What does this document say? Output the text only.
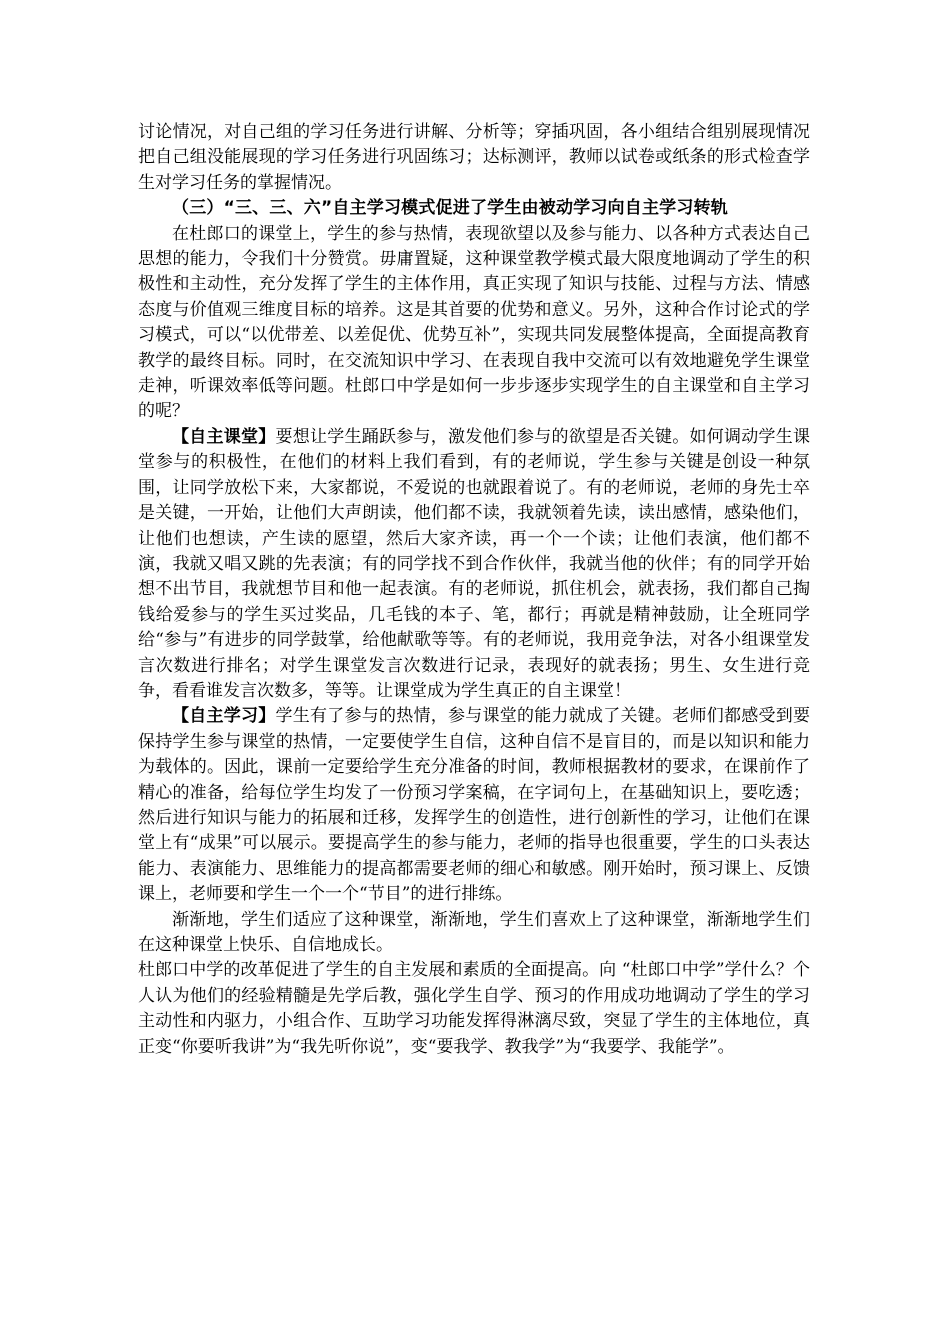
讨论情况，对自己组的学习任务进行讲解、分析等；穿插巩固，各小组结合组别展现情况把自己组没能展现的学习任务进行巩固练习；达标测评，教师以试卷或纸条的形式检查学生对学习任务的掌握情况。

（三）“三、三、六”自主学习模式促进了学生由被动学习向自主学习转轨

在杜郎口的课堂上，学生的参与热情，表现欲望以及参与能力、以各种方式表达自己思想的能力，令我们十分赞赏。毋庸置疑，这种课堂教学模式最大限度地调动了学生的积极性和主动性，充分发挥了学生的主体作用，真正实现了知识与技能、过程与方法、情感态度与价值观三维度目标的培养。这是其首要的优势和意义。另外，这种合作讨论式的学习模式，可以“以优带差、以差促优、优势互补”，实现共同发展整体提高，全面提高教育教学的最终目标。同时，在交流知识中学习、在表现自我中交流可以有效地避免学生课堂走神，听课效率低等问题。杜郎口中学是如何一步步逐步实现学生的自主课堂和自主学习的呢？

【自主课堂】要想让学生踊跃参与，激发他们参与的欲望是否关键。如何调动学生课堂参与的积极性，在他们的材料上我们看到，有的老师说，学生参与关键是创设一种氛围，让同学放松下来，大家都说，不爱说的也就跟着说了。有的老师说，老师的身先士卒是关键，一开始，让他们大声朗读，他们都不读，我就领着先读，读出感情，感染他们，让他们也想读，产生读的愿望，然后大家齐读，再一个一个读；让他们表演，他们都不演，我就又唱又跳的先表演；有的同学找不到合作伙伴，我就当他的伙伴；有的同学开始想不出节目，我就想节目和他一起表演。有的老师说，抓住机会，就表扬，我们都自己掏钱给爱参与的学生买过奖品，几毛钱的本子、笔，都行；再就是精神鼓励，让全班同学给“参与”有进步的同学鼓掌，给他献歌等等。有的老师说，我用竞争法，对各小组课堂发言次数进行排名；对学生课堂发言次数进行记录，表现好的就表扬；男生、女生进行竞争，看看谁发言次数多，等等。让课堂成为学生真正的自主课堂！

【自主学习】学生有了参与的热情，参与课堂的能力就成了关键。老师们都感受到要保持学生参与课堂的热情，一定要使学生自信，这种自信不是盲目的，而是以知识和能力为载体的。因此，课前一定要给学生充分准备的时间，教师根据教材的要求，在课前作了精心的准备，给每位学生均发了一份预习学案稿，在字词句上，在基础知识上，要吃透；然后进行知识与能力的拓展和迁移，发挥学生的创造性，进行创新性的学习，让他们在课堂上有“成果”可以展示。要提高学生的参与能力，老师的指导也很重要，学生的口头表达能力、表演能力、思维能力的提高都需要老师的细心和敏感。刚开始时，预习课上、反馈课上，老师要和学生一个一个“节目”的进行排练。

渐渐地，学生们适应了这种课堂，渐渐地，学生们喜欢上了这种课堂，渐渐地学生们在这种课堂上快乐、自信地成长。

杜郎口中学的改革促进了学生的自主发展和素质的全面提高。向 “杜郎口中学”学什么？个人认为他们的经验精髓是先学后教，强化学生自学、预习的作用成功地调动了学生的学习主动性和内驱力，小组合作、互助学习功能发挥得淋漓尽致，突显了学生的主体地位，真正变“你要听我讲”为“我先听你说”，变“要我学、教我学”为“我要学、我能学”。
